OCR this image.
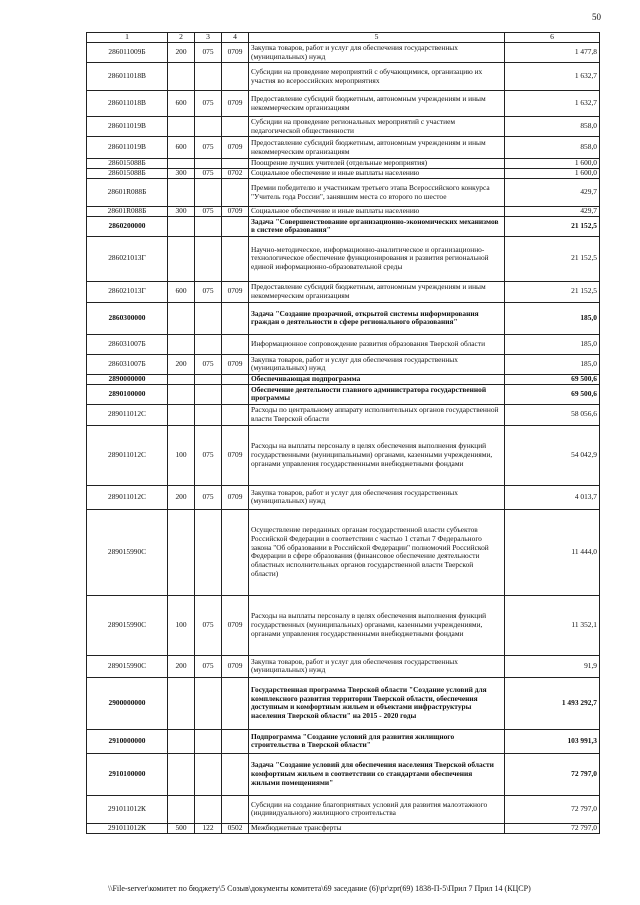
50
1	2	3	4	5	6
286011009Б	200	075	0709	Закупка товаров, работ и услуг для обеспечения государственных (муниципальных) нужд	1 477,8
286011018В				Субсидии на проведение мероприятий с обучающимися, организацию их участия во всероссийских мероприятиях	1 632,7
286011018В	600	075	0709	Предоставление субсидий бюджетным, автономным учреждениям и иным некоммерческим организациям	1 632,7
286011019В				Субсидии на проведение региональных мероприятий с участием педагогической общественности	858,0
286011019В	600	075	0709	Предоставление субсидий бюджетным, автономным учреждениям и иным некоммерческим организациям	858,0
286015088Б				Поощрение лучших учителей (отдельные мероприятия)	1 600,0
286015088Б	300	075	0702	Социальное обеспечение и иные выплаты населению	1 600,0
28601R088Б				Премии победителю и участникам третьего этапа Всероссийского конкурса "Учитель года России", занявшим места со второго по шестое	429,7
28601R088Б	300	075	0709	Социальное обеспечение и иные выплаты населению	429,7
2860200000				Задача "Совершенствование организационно-экономических механизмов в системе образования"	21 152,5
286021013Г				Научно-методическое, информационно-аналитическое и организационно-технологическое обеспечение функционирования и развития региональной единой информационно-образовательной среды	21 152,5
286021013Г	600	075	0709	Предоставление субсидий бюджетным, автономным учреждениям и иным некоммерческим организациям	21 152,5
2860300000				Задача "Создание прозрачной, открытой системы информирования граждан о деятельности в сфере регионального образования"	185,0
286031007Б				Информационное сопровождение развития образования Тверской области	185,0
286031007Б	200	075	0709	Закупка товаров, работ и услуг для обеспечения государственных (муниципальных) нужд	185,0
2890000000				Обеспечивающая подпрограмма	69 500,6
2890100000				Обеспечение деятельности главного администратора государственной программы	69 500,6
289011012С				Расходы по центральному аппарату исполнительных органов государственной власти Тверской области	58 056,6
289011012С	100	075	0709	Расходы на выплаты персоналу в целях обеспечения выполнения функций государственными (муниципальными) органами, казенными учреждениями, органами управления государственными внебюджетными фондами	54 042,9
289011012С	200	075	0709	Закупка товаров, работ и услуг для обеспечения государственных (муниципальных) нужд	4 013,7
289015990С				Осуществление переданных органам государственной власти субъектов Российской Федерации в соответствии с частью 1 статьи 7 Федерального закона "Об образовании в Российской Федерации" полномочий Российской Федерации в сфере образования (финансовое обеспечение деятельности областных исполнительных органов государственной власти Тверской области)	11 444,0
289015990С	100	075	0709	Расходы на выплаты персоналу в целях обеспечения выполнения функций государственных (муниципальных) органами, казенными учреждениями, органами управления государственными внебюджетными фондами	11 352,1
289015990С	200	075	0709	Закупка товаров, работ и услуг для обеспечения государственных (муниципальных) нужд	91,9
2900000000				Государственная программа Тверской области "Создание условий для комплексного развития территории Тверской области, обеспечения доступным и комфортным жильем и объектами инфраструктуры населения Тверской области" на 2015 - 2020 годы	1 493 292,7
2910000000				Подпрограмма "Создание условий для развития жилищного строительства в Тверской области"	103 991,3
2910100000				Задача "Создание условий для обеспечения населения Тверской области комфортным жильем в соответствии со стандартами обеспечения жилыми помещениями"	72 797,0
291011012К				Субсидии на создание благоприятных условий для развития малоэтажного (индивидуального) жилищного строительства	72 797,0
291011012К	500	122	0502	Межбюджетные трансферты	72 797,0
\\File-server\комитет по бюджету\5 Созыв\документы комитета\69 заседание (6)\pr\zpr(69) 1838-П-5\Прил 7 Прил 14 (КЦСР)
